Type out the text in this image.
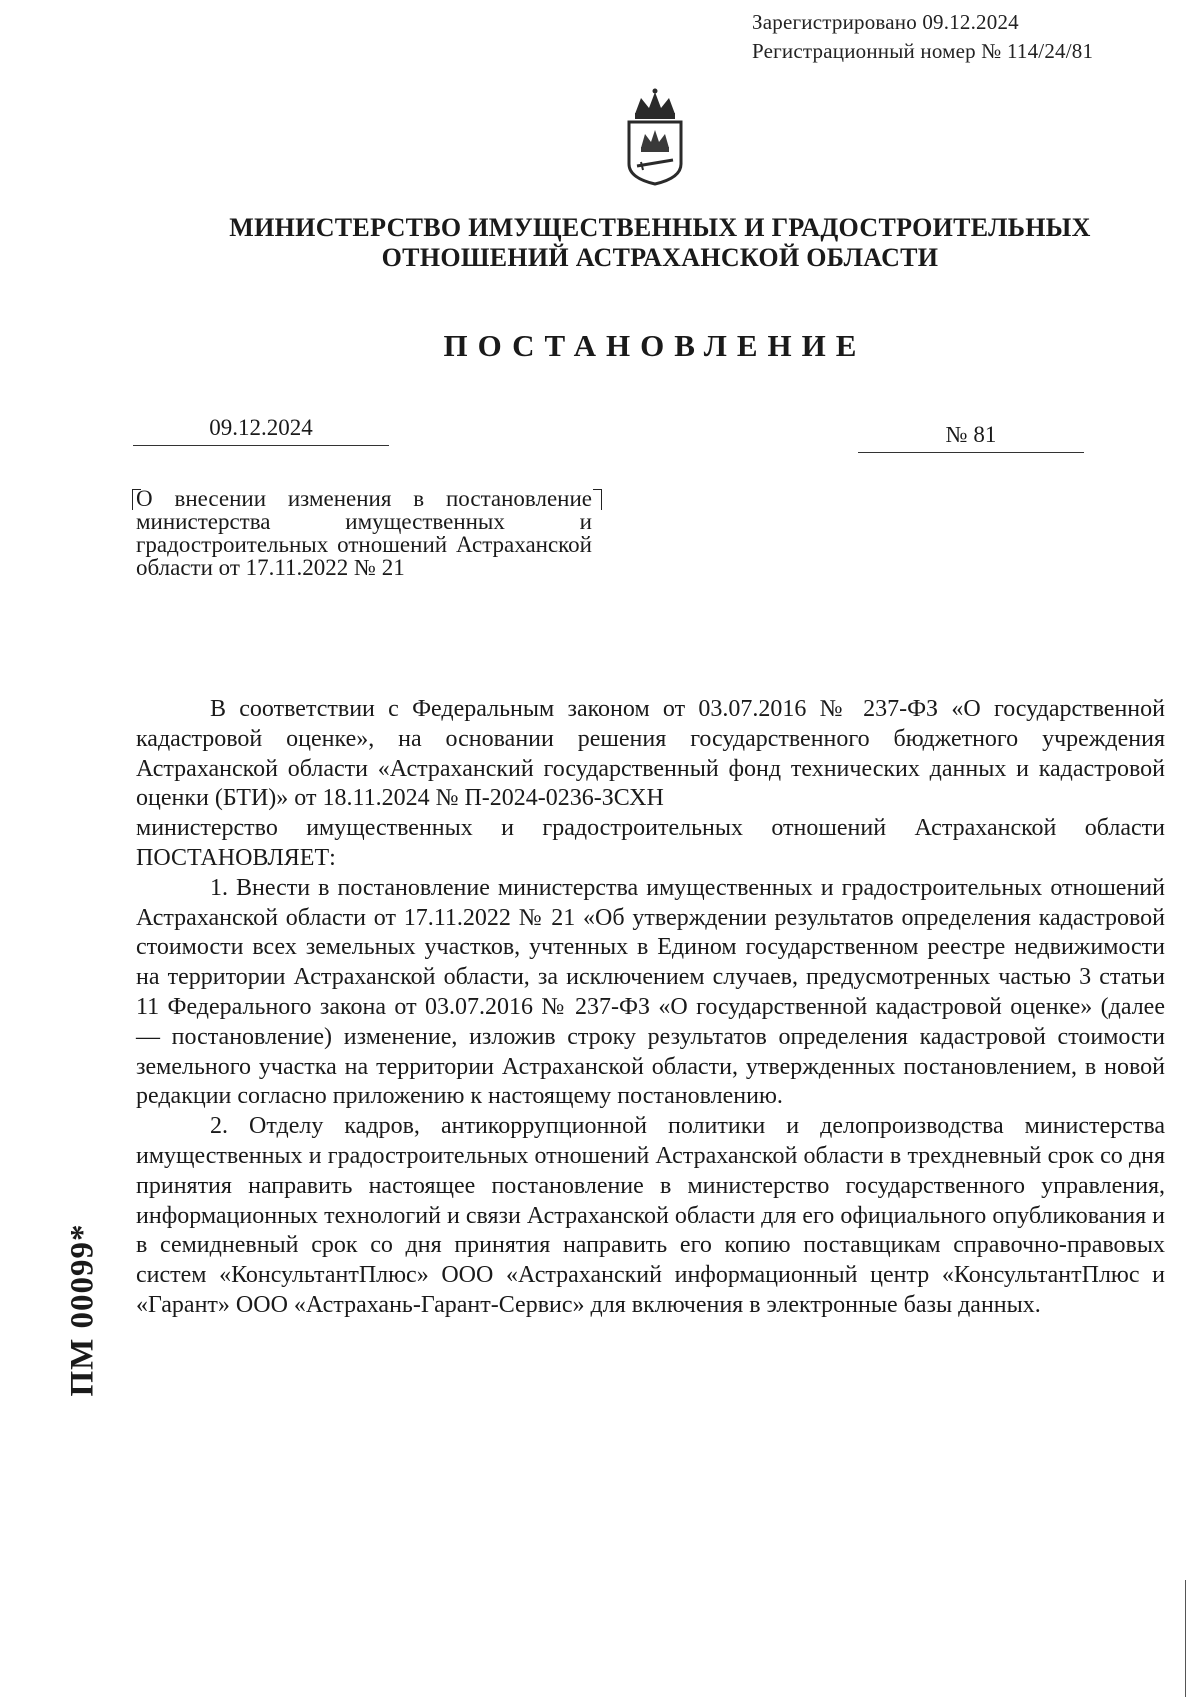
Зарегистрировано 09.12.2024
Регистрационный номер № 114/24/81
МИНИСТЕРСТВО ИМУЩЕСТВЕННЫХ И ГРАДОСТРОИТЕЛЬНЫХ
ОТНОШЕНИЙ АСТРАХАНСКОЙ ОБЛАСТИ
ПОСТАНОВЛЕНИЕ
09.12.2024	№ 81
О внесении изменения в постановление министерства имущественных и градостроительных отношений Астраханской области от 17.11.2022 № 21

В соответствии с Федеральным законом от 03.07.2016 № 237-ФЗ «О государственной кадастровой оценке», на основании решения государственного бюджетного учреждения Астраханской области «Астраханский государственный фонд технических данных и кадастровой оценки (БТИ)» от 18.11.2024 № П-2024-0236-ЗСХН

министерство имущественных и градостроительных отношений Астраханской области ПОСТАНОВЛЯЕТ:

1. Внести в постановление министерства имущественных и градостроительных отношений Астраханской области от 17.11.2022 № 21 «Об утверждении результатов определения кадастровой стоимости всех земельных участков, учтенных в Едином государственном реестре недвижимости на территории Астраханской области, за исключением случаев, предусмотренных частью 3 статьи 11 Федерального закона от 03.07.2016 № 237-ФЗ «О государственной кадастровой оценке» (далее — постановление) изменение, изложив строку результатов определения кадастровой стоимости земельного участка на территории Астраханской области, утвержденных постановлением, в новой редакции согласно приложению к настоящему постановлению.

2. Отделу кадров, антикоррупционной политики и делопроизводства министерства имущественных и градостроительных отношений Астраханской области в трехдневный срок со дня принятия направить настоящее постановление в министерство государственного управления, информационных технологий и связи Астраханской области для его официального опубликования и в семидневный срок со дня принятия направить его копию поставщикам справочно-правовых систем «КонсультантПлюс» ООО «Астраханский информационный центр «КонсультантПлюс и «Гарант» ООО «Астрахань-Гарант-Сервис» для включения в электронные базы данных.

ПМ 00099*
